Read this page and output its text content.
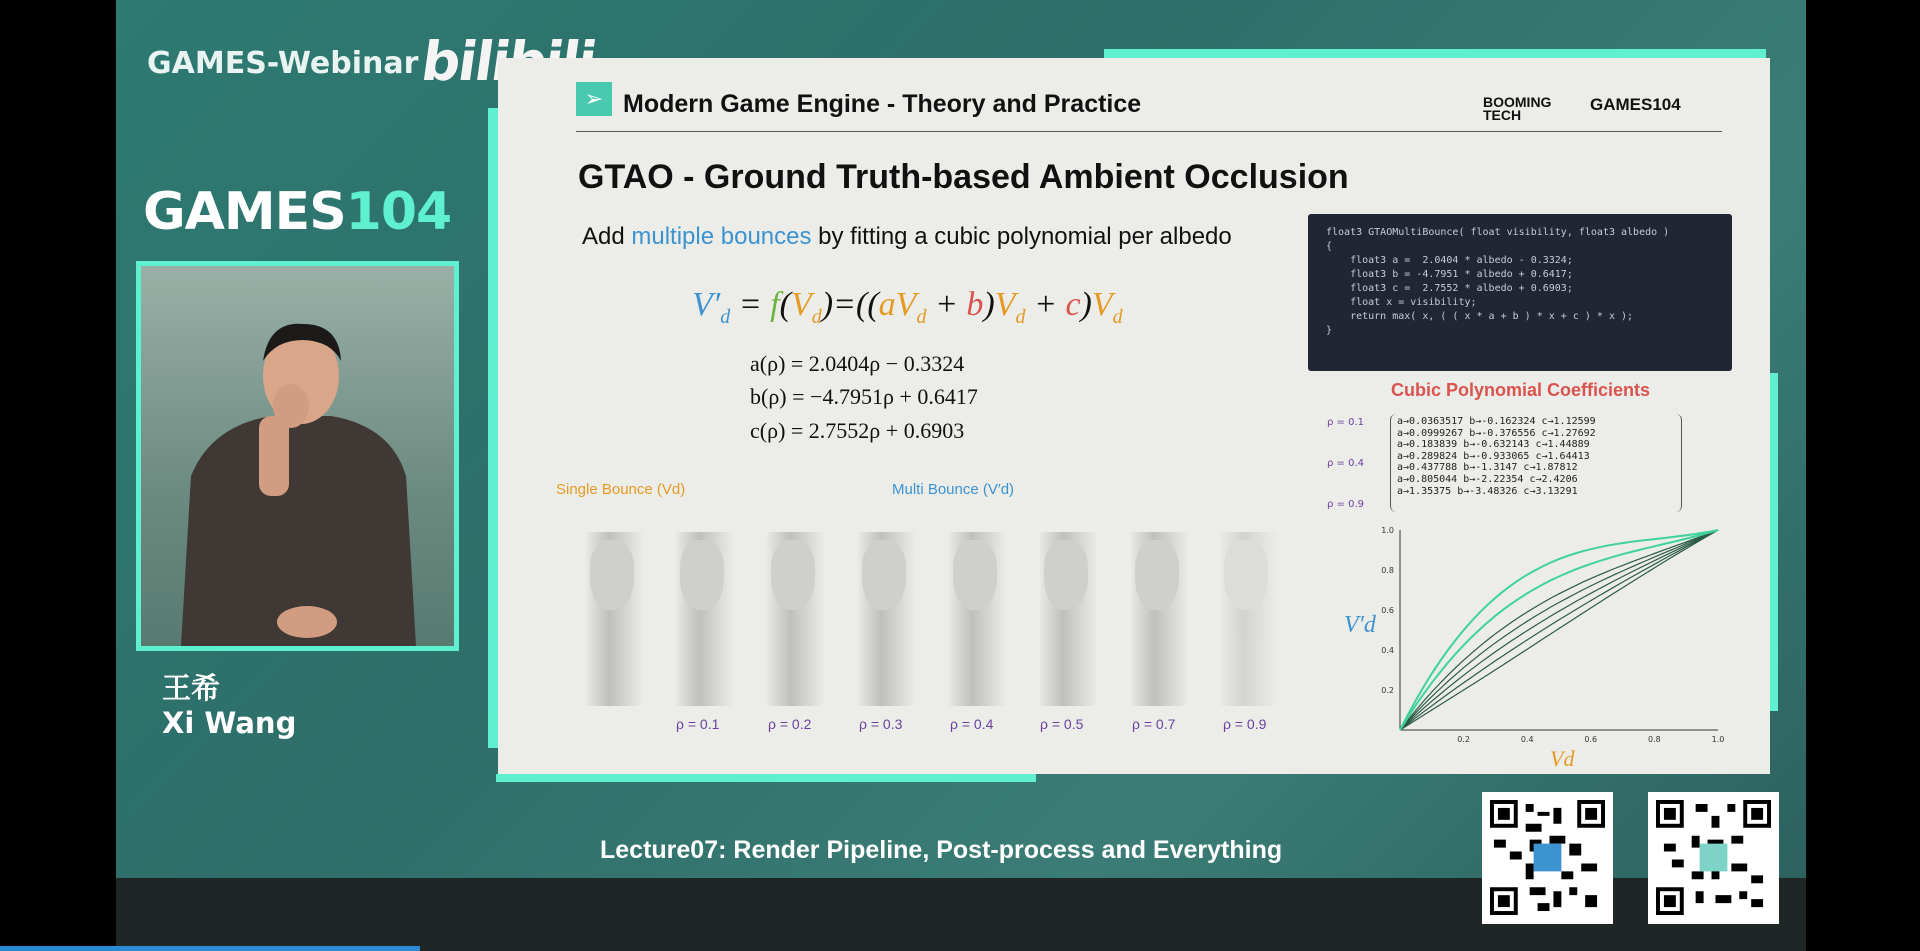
GAMES-Webinar
GAMES104
王希
Xi Wang
➢ Modern Game Engine - Theory and Practice	BOOMING
TECH
GAMES104
GTAO - Ground Truth-based Ambient Occlusion
Add multiple bounces by fitting a cubic polynomial per albedo	float3 GTAOMultiBounce( float visibility, float3 albedo )
{
float3 a =  2.0404 * albedo - 0.3324;
float3 b = -4.7951 * albedo + 0.6417;
float3 c =  2.7552 * albedo + 0.6903;
float x = visibility;
return max( x, ( ( x * a + b ) * x + c ) * x );
}
$V'_d = f(V_d)=((aV_d + b)V_d + c)V_d$
a(ρ) = 2.0404ρ − 0.3324
b(ρ) = −4.7951ρ + 0.6417
c(ρ) = 2.7552ρ + 0.6903
Cubic Polynomial Coefficients
ρ = 0.1
ρ = 0.4
ρ = 0.9
a→0.0363517 b→-0.162324 c→1.12599
a→0.0999267 b→-0.376556 c→1.27692
a→0.183839 b→-0.632143 c→1.44889
a→0.289824 b→-0.933065 c→1.64413
a→0.437788 b→-1.3147 c→1.87812
a→0.805044 b→-2.22354 c→2.4206
a→1.35375 b→-3.48326 c→3.13291
Single Bounce (Vd)	Multi Bounce (V′d)
ρ = 0.1	ρ = 0.2	ρ = 0.3	ρ = 0.4	ρ = 0.5	ρ = 0.7	ρ = 0.9
0.2	0.4	0.6	0.8	1.0
0.2
0.4
0.6
0.8
1.0
V′d
Vd
Lecture07: Render Pipeline, Post-process and Everything
